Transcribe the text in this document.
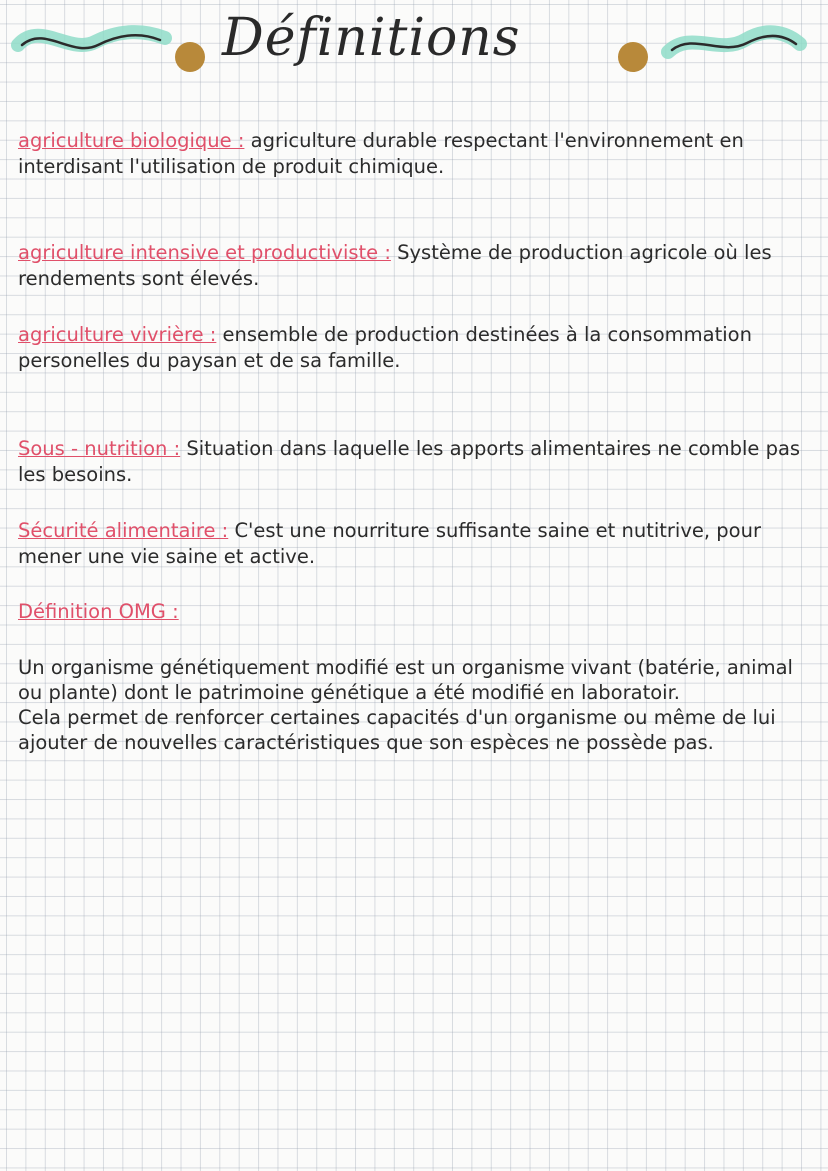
Définitions
agriculture biologique : agriculture durable respectant l'environnement en interdisant l'utilisation de produit chimique.
agriculture intensive et productiviste : Système de production agricole où les rendements sont élevés.
agriculture vivrière : ensemble de production destinées à la consommation personelles du paysan et de sa famille.
Sous - nutrition : Situation dans laquelle les apports alimentaires ne comble pas les besoins.
Sécurité alimentaire : C'est une nourriture suffisante saine et nutitrive, pour mener une vie saine et active.
Définition OMG :
Un organisme génétiquement modifié est un organisme vivant (batérie, animal ou plante) dont le patrimoine génétique a été modifié en laboratoir.
Cela permet de renforcer certaines capacités d'un organisme ou même de lui ajouter de nouvelles caractéristiques que son espèces ne possède pas.
